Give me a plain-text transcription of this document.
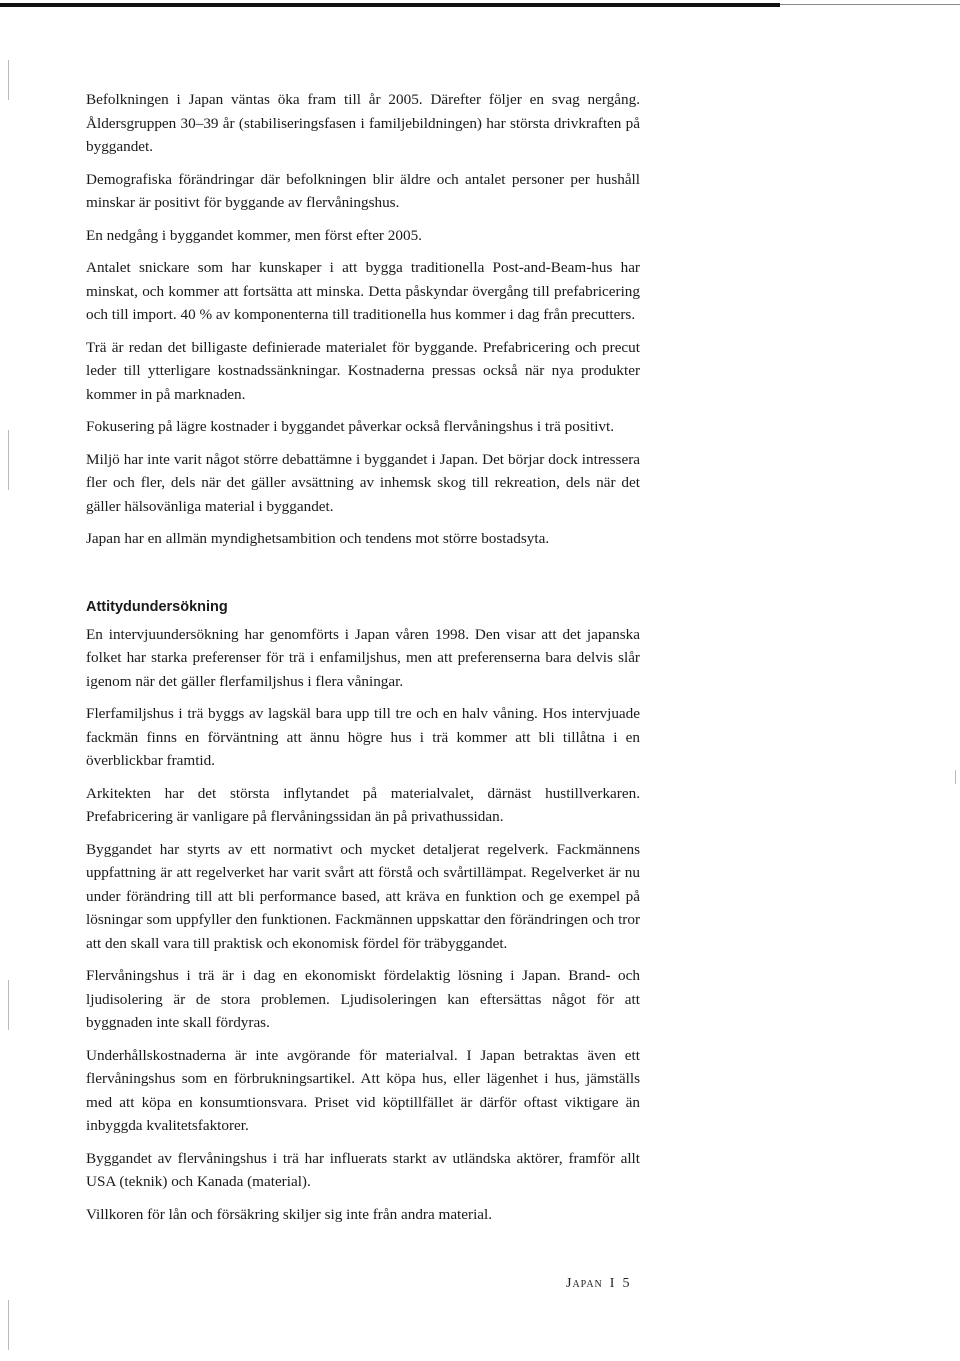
Befolkningen i Japan väntas öka fram till år 2005. Därefter följer en svag nergång. Åldersgruppen 30–39 år (stabiliseringsfasen i familjebildningen) har största drivkraften på byggandet.

Demografiska förändringar där befolkningen blir äldre och antalet personer per hushåll minskar är positivt för byggande av flervåningshus.

En nedgång i byggandet kommer, men först efter 2005.

Antalet snickare som har kunskaper i att bygga traditionella Post-and-Beam-hus har minskat, och kommer att fortsätta att minska. Detta påskyndar övergång till prefabricering och till import. 40 % av komponenterna till traditionella hus kommer i dag från precutters.

Trä är redan det billigaste definierade materialet för byggande. Prefabricering och precut leder till ytterligare kostnadssänkningar. Kostnaderna pressas också när nya produkter kommer in på marknaden.

Fokusering på lägre kostnader i byggandet påverkar också flervåningshus i trä positivt.

Miljö har inte varit något större debattämne i byggandet i Japan. Det börjar dock intressera fler och fler, dels när det gäller avsättning av inhemsk skog till rekreation, dels när det gäller hälsovänliga material i byggandet.

Japan har en allmän myndighetsambition och tendens mot större bostadsyta.

Attitydundersökning

En intervjuundersökning har genomförts i Japan våren 1998. Den visar att det japanska folket har starka preferenser för trä i enfamiljshus, men att preferenserna bara delvis slår igenom när det gäller flerfamiljshus i flera våningar.

Flerfamiljshus i trä byggs av lagskäl bara upp till tre och en halv våning. Hos intervjuade fackmän finns en förväntning att ännu högre hus i trä kommer att bli tillåtna i en överblickbar framtid.

Arkitekten har det största inflytandet på materialvalet, därnäst hustillverkaren. Prefabricering är vanligare på flervåningssidan än på privathussidan.

Byggandet har styrts av ett normativt och mycket detaljerat regelverk. Fackmännens uppfattning är att regelverket har varit svårt att förstå och svårtillämpat. Regelverket är nu under förändring till att bli performance based, att kräva en funktion och ge exempel på lösningar som uppfyller den funktionen. Fackmännen uppskattar den förändringen och tror att den skall vara till praktisk och ekonomisk fördel för träbyggandet.

Flervåningshus i trä är i dag en ekonomiskt fördelaktig lösning i Japan. Brand- och ljudisolering är de stora problemen. Ljudisoleringen kan eftersättas något för att byggnaden inte skall fördyras.

Underhållskostnaderna är inte avgörande för materialval. I Japan betraktas även ett flervåningshus som en förbrukningsartikel. Att köpa hus, eller lägenhet i hus, jämställs med att köpa en konsumtionsvara. Priset vid köptillfället är därför oftast viktigare än inbyggda kvalitetsfaktorer.

Byggandet av flervåningshus i trä har influerats starkt av utländska aktörer, framför allt USA (teknik) och Kanada (material).

Villkoren för lån och försäkring skiljer sig inte från andra material.

Japan I 5
